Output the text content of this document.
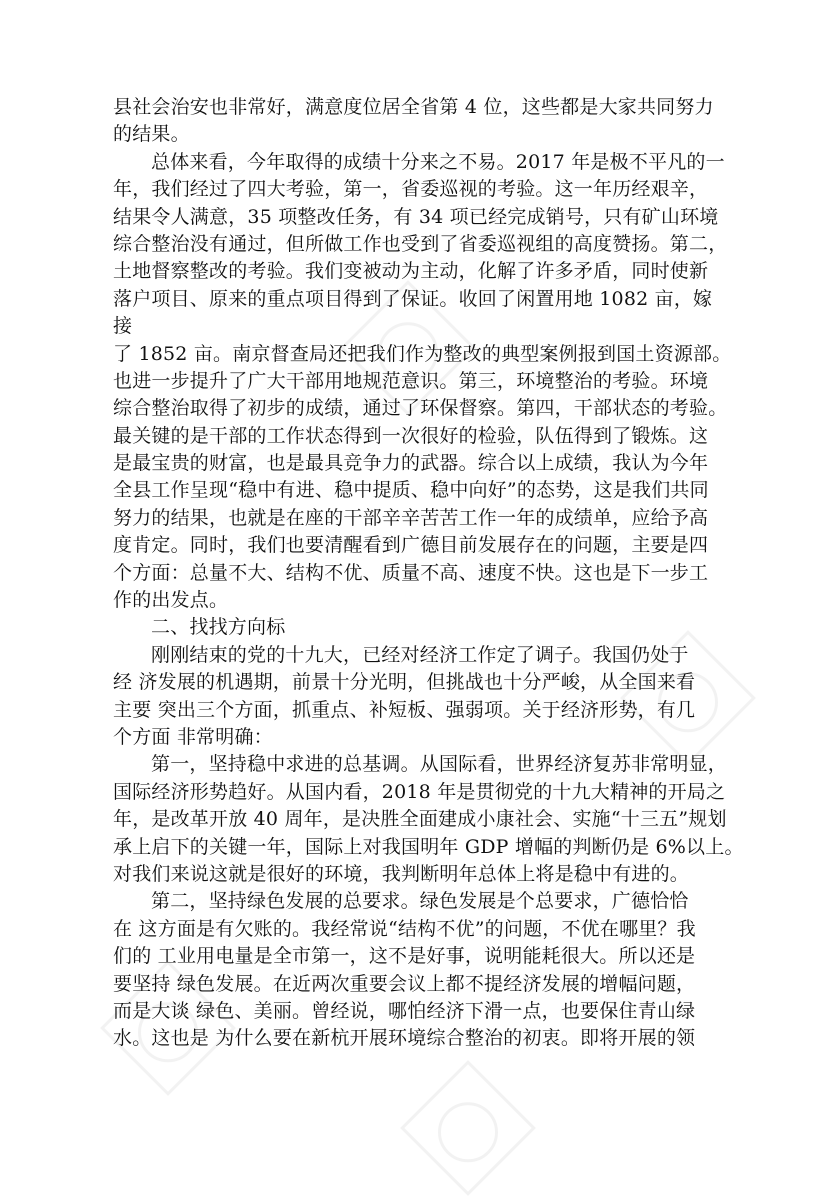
县社会治安也非常好，满意度位居全省第 4 位，这些都是大家共同努力
的结果。
总体来看，今年取得的成绩十分来之不易。2017 年是极不平凡的一
年，我们经过了四大考验，第一，省委巡视的考验。这一年历经艰辛，
结果令人满意，35 项整改任务，有 34 项已经完成销号，只有矿山环境
综合整治没有通过，但所做工作也受到了省委巡视组的高度赞扬。第二，
土地督察整改的考验。我们变被动为主动，化解了许多矛盾，同时使新
落户项目、原来的重点项目得到了保证。收回了闲置用地 1082 亩，嫁
接
了 1852 亩。南京督查局还把我们作为整改的典型案例报到国土资源部。
也进一步提升了广大干部用地规范意识。第三，环境整治的考验。环境
综合整治取得了初步的成绩，通过了环保督察。第四，干部状态的考验。
最关键的是干部的工作状态得到一次很好的检验，队伍得到了锻炼。这
是最宝贵的财富，也是最具竞争力的武器。综合以上成绩，我认为今年
全县工作呈现“稳中有进、稳中提质、稳中向好”的态势，这是我们共同
努力的结果，也就是在座的干部辛辛苦苦工作一年的成绩单，应给予高
度肯定。同时，我们也要清醒看到广德目前发展存在的问题，主要是四
个方面：总量不大、结构不优、质量不高、速度不快。这也是下一步工
作的出发点。
二、找找方向标
刚刚结束的党的十九大，已经对经济工作定了调子。我国仍处于
经 济发展的机遇期，前景十分光明，但挑战也十分严峻，从全国来看
主要 突出三个方面，抓重点、补短板、强弱项。关于经济形势，有几
个方面 非常明确：
第一，坚持稳中求进的总基调。从国际看，世界经济复苏非常明显，
国际经济形势趋好。从国内看，2018 年是贯彻党的十九大精神的开局之
年，是改革开放 40 周年，是决胜全面建成小康社会、实施“十三五”规划
承上启下的关键一年，国际上对我国明年 GDP 增幅的判断仍是 6%以上。
对我们来说这就是很好的环境，我判断明年总体上将是稳中有进的。
第二，坚持绿色发展的总要求。绿色发展是个总要求，广德恰恰
在 这方面是有欠账的。我经常说“结构不优”的问题，不优在哪里？我
们的 工业用电量是全市第一，这不是好事，说明能耗很大。所以还是
要坚持 绿色发展。在近两次重要会议上都不提经济发展的增幅问题，
而是大谈 绿色、美丽。曾经说，哪怕经济下滑一点，也要保住青山绿
水。这也是 为什么要在新杭开展环境综合整治的初衷。即将开展的领
